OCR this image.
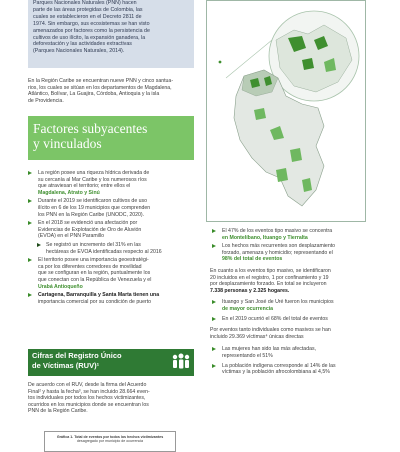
Parques Nacionales Naturales (PNN) hacen
parte de las áreas protegidas de Colombia, las
cuales se establecieron en el Decreto 2811 de
1974. Sin embargo, sus ecosistemas se han visto
amenazados por factores como la persistencia de
cultivos de uso ilícito, la expansión ganadera, la
deforestación y las actividades extractivas
(Parques Nacionales Naturales, 2014).
En la Región Caribe se encuentran nueve PNN y cinco santua-
rios, los cuales se sitúan en los departamentos de Magdalena,
Atlántico, Bolívar, La Guajira, Córdoba, Antioquia y la isla
de Providencia.
Factores subyacentes
y vinculados
La región posee una riqueza hídrica derivada de
su cercanía al Mar Caribe y los numerosos ríos
que atraviesan el territorio; entre ellos el
Magdalena, Atrato y Sinú
Durante el 2019 se identificaron cultivos de uso
ilícito en 6 de los 19 municipios que comprenden
los PNN en la Región Caribe (UNODC, 2020).
En el 2018 se evidenció una afectación por
Evidencias de Explotación de Oro de Aluvión
(EVOA) en el PNN Paramillo
Se registró un incremento del 31% en las
hectáreas de EVOA identificadas respecto al 2016
El territorio posee una importancia geoestratégi-
ca por los diferentes corredores de movilidad
que se configuran en la región, puntualmente los
que conectan con la República de Venezuela y el
Urabá Antioqueño
Cartagena, Barranquilla y Santa Marta tienen una
importancia comercial por su condición de puerto
Cifras del Registro Único
de Víctimas (RUV)¹
De acuerdo con el RUV, desde la firma del Acuerdo
Final² y hasta la fecha³, se han incluido 28.664 even-
tos individuales por todos los hechos victimizantes,
ocurridos en los municipios donde se encuentran los
PNN de la Región Caribe.
Gráfica 1. Total de eventos por todos los hechos victimizantes
desagregado por municipio de ocurrencia
El 47% de los eventos tipo masivo se concentra
en Montelíbano, Ituango y Tierralta
Los hechos más recurrentes son desplazamiento
forzado, amenaza y homicidio; representando el
98% del total de eventos
En cuanto a los eventos tipo masivo, se identificaron
20 incluidos en el registro, 1 por confinamiento y 19
por desplazamiento forzado. En total se incluyeron
7.338 personas y 2.325 hogares.
Ituango y San José de Uré fueron los municipios
de mayor ocurrencia
En el 2019 ocurrió el 68% del total de eventos
Por eventos tanto individuales como masivos se han
incluido 29.369 víctimas⁴ únicas directas
Las mujeres han sido las más afectadas,
representando el 51%
La población indígena corresponde al 14% de las
víctimas y la población afrocolombiana al 4,5%
